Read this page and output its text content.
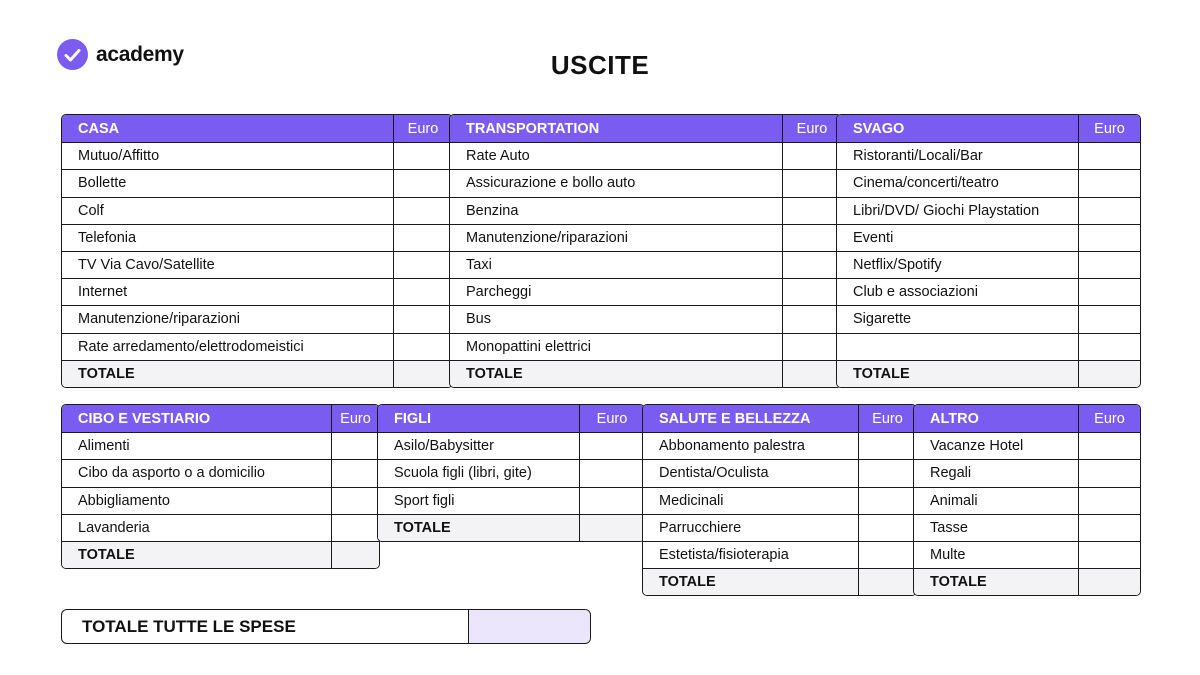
academy	USCITE
CASA	Euro
Mutuo/Affitto	
Bollette	
Colf	
Telefonia	
TV Via Cavo/Satellite	
Internet	
Manutenzione/riparazioni	
Rate arredamento/elettrodomeistici	
TOTALE	
TRANSPORTATION	Euro
Rate Auto	
Assicurazione e bollo auto	
Benzina	
Manutenzione/riparazioni	
Taxi	
Parcheggi	
Bus	
Monopattini elettrici	
TOTALE	
SVAGO	Euro
Ristoranti/Locali/Bar	
Cinema/concerti/teatro	
Libri/DVD/ Giochi Playstation	
Eventi	
Netflix/Spotify	
Club e associazioni	
Sigarette	

TOTALE	
CIBO E VESTIARIO	Euro
Alimenti	
Cibo da asporto o a domicilio	
Abbigliamento	
Lavanderia	
TOTALE	
FIGLI	Euro
Asilo/Babysitter	
Scuola figli (libri, gite)	
Sport figli	
TOTALE	
SALUTE E BELLEZZA	Euro
Abbonamento palestra	
Dentista/Oculista	
Medicinali	
Parrucchiere	
Estetista/fisioterapia	
TOTALE	
ALTRO	Euro
Vacanze Hotel	
Regali	
Animali	
Tasse	
Multe	
TOTALE	
TOTALE TUTTE LE SPESE
